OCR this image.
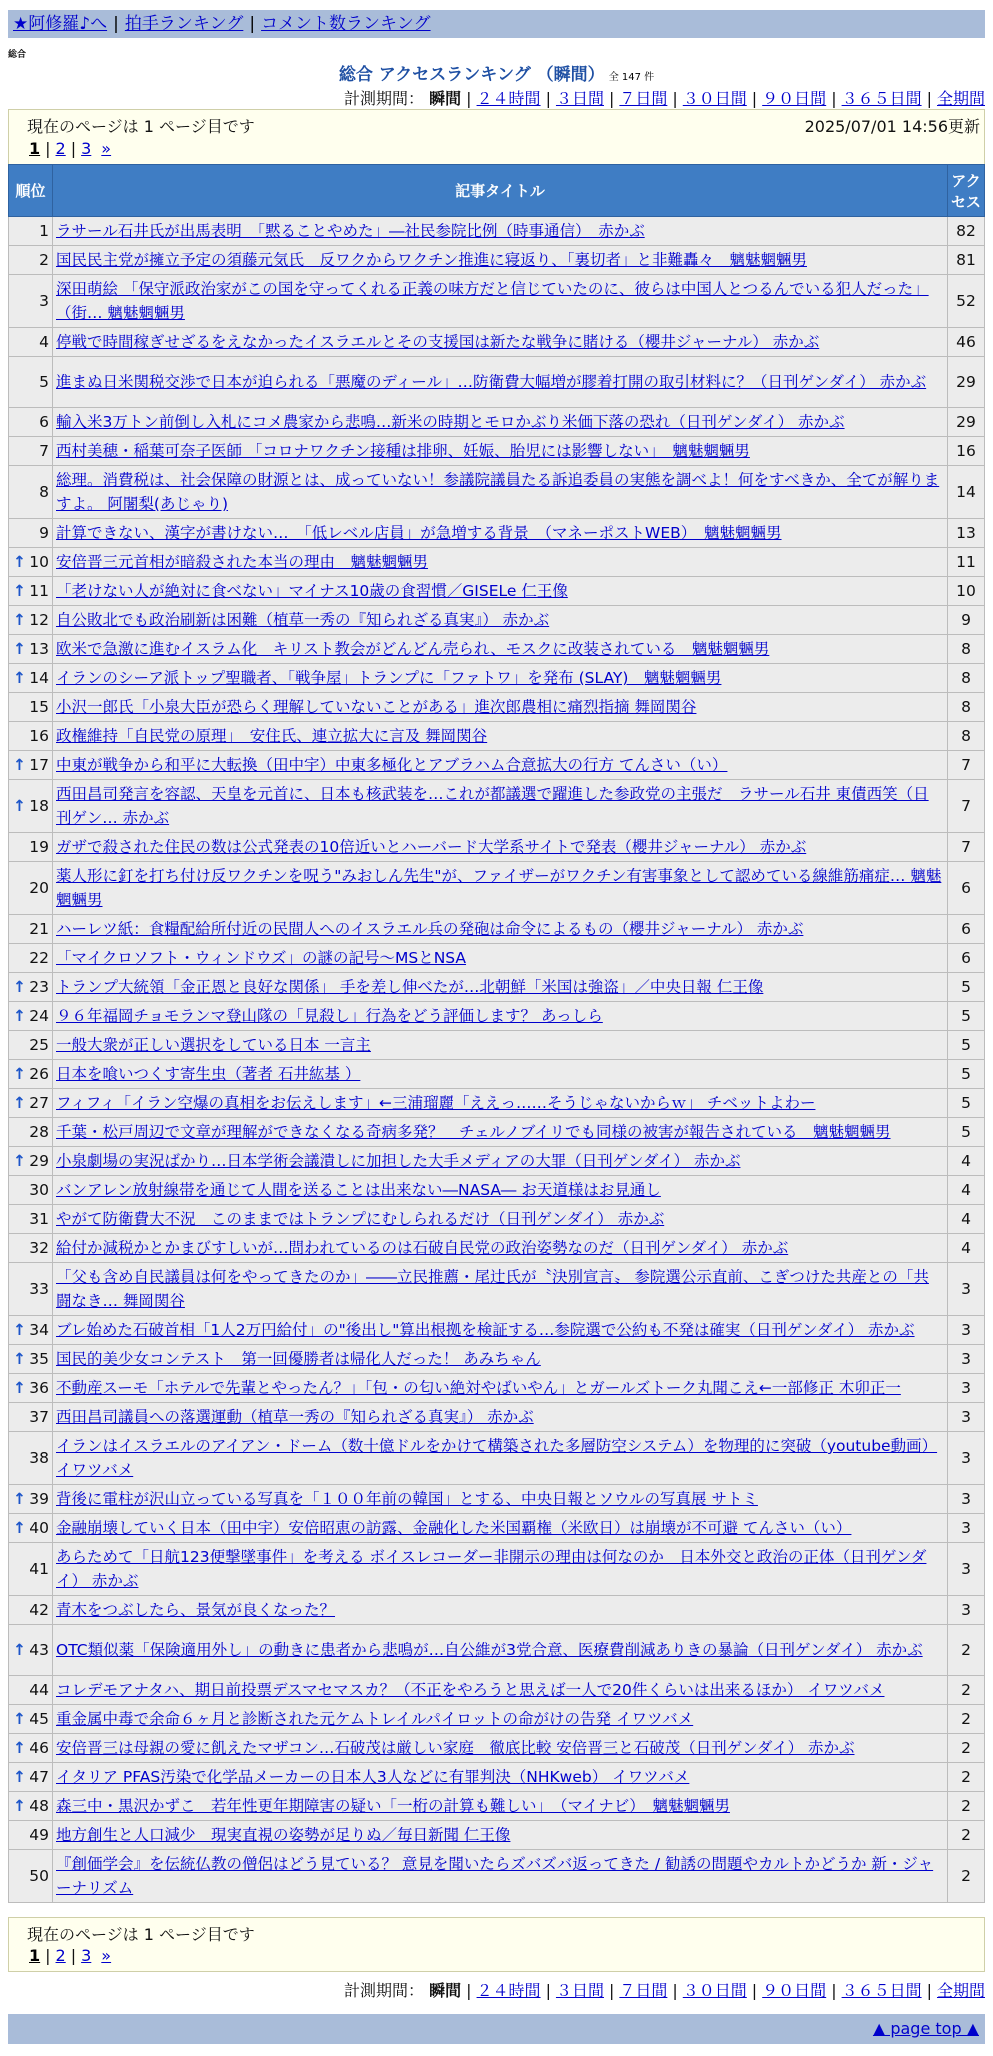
★阿修羅♪へ | 拍手ランキング | コメント数ランキング
総合
総合 アクセスランキング （瞬間） 全 147 件
計測期間： 瞬間 | ２４時間 | ３日間 | ７日間 | ３０日間 | ９０日間 | ３６５日間 | 全期間
現在のページは 1 ページ目です	2025/07/01 14:56更新
1 | 2 | 3 »
順位	記事タイトル	アクセス
1	ラサール石井氏が出馬表明　「黙ることやめた」―社民参院比例（時事通信）　赤かぶ	82
2	国民民主党が擁立予定の須藤元気氏　反ワクからワクチン推進に寝返り、「裏切者」と非難轟々　魑魅魍魎男	81
3	深田萌絵 「保守派政治家がこの国を守ってくれる正義の味方だと信じていたのに、彼らは中国人とつるんでいる犯人だった」（街… 魑魅魍魎男	52
4	停戦で時間稼ぎせざるをえなかったイスラエルとその支援国は新たな戦争に賭ける（櫻井ジャーナル） 赤かぶ	46
5	進まぬ日米関税交渉で日本が迫られる「悪魔のディール」…防衛費大幅増が膠着打開の取引材料に？（日刊ゲンダイ） 赤かぶ	29
6	輸入米3万トン前倒し入札にコメ農家から悲鳴…新米の時期とモロかぶり米価下落の恐れ（日刊ゲンダイ） 赤かぶ	29
7	西村美穂・稲葉可奈子医師 「コロナワクチン接種は排卵、妊娠、胎児には影響しない」　魑魅魍魎男	16
8	総理。消費税は、社会保障の財源とは、成っていない！参議院議員たる訴追委員の実態を調べよ！何をすべきか、全てが解りますよ。 阿闍梨(あじゃり)	14
9	計算できない、漢字が書けない…　「低レベル店員」が急増する背景　（マネーポストWEB）　魑魅魍魎男	13

↑ 10	安倍晋三元首相が暗殺された本当の理由　魑魅魍魎男	11

↑ 11	「老けない人が絶対に食べない」マイナス10歳の食習慣／GISELe 仁王像	10

↑ 12	自公敗北でも政治刷新は困難（植草一秀の『知られざる真実』） 赤かぶ	9

↑ 13	欧米で急激に進むイスラム化　キリスト教会がどんどん売られ、モスクに改装されている　魑魅魍魎男	8

↑ 14	イランのシーア派トップ聖職者、「戦争屋」トランプに「ファトワ」を発布 (SLAY)　魑魅魍魎男	8
15	小沢一郎氏「小泉大臣が恐らく理解していないことがある」進次郎農相に痛烈指摘 舞岡関谷	8
16	政権維持「自民党の原理」　安住氏、連立拡大に言及 舞岡関谷	8

↑ 17	中東が戦争から和平に大転換（田中宇）中東多極化とアブラハム合意拡大の行方 てんさい（い）	7

↑ 18	西田昌司発言を容認、天皇を元首に、日本も核武装を…これが都議選で躍進した参政党の主張だ　ラサール石井 東債西笑（日刊ゲン… 赤かぶ	7
19	ガザで殺された住民の数は公式発表の10倍近いとハーバード大学系サイトで発表（櫻井ジャーナル） 赤かぶ	7
20	薬人形に釘を打ち付け反ワクチンを呪う"みおしん先生"が、ファイザーがワクチン有害事象として認めている線維筋痛症… 魑魅魍魎男	6
21	ハーレツ紙：食糧配給所付近の民間人へのイスラエル兵の発砲は命令によるもの（櫻井ジャーナル） 赤かぶ	6
22	「マイクロソフト・ウィンドウズ」の謎の記号～MSとNSA	6

↑ 23	トランプ大統領「金正恩と良好な関係」 手を差し伸べたが…北朝鮮「米国は強盗」／中央日報 仁王像	5

↑ 24	９６年福岡チョモランマ登山隊の「見殺し」行為をどう評価します？ あっしら	5
25	一般大衆が正しい選択をしている日本 一言主	5

↑ 26	日本を喰いつくす寄生虫（著者 石井紘基 ）	5

↑ 27	フィフィ「イラン空爆の真相をお伝えします」←三浦瑠麗「ええっ……そうじゃないからｗ」 チベットよわー	5
28	千葉・松戸周辺で文章が理解ができなくなる奇病多発？　チェルノブイリでも同様の被害が報告されている　魑魅魍魎男	5

↑ 29	小泉劇場の実況ばかり…日本学術会議潰しに加担した大手メディアの大罪（日刊ゲンダイ） 赤かぶ	4
30	バンアレン放射線帯を通じて人間を送ることは出来ない―NASA― お天道様はお見通し	4
31	やがて防衛費大不況　このままではトランプにむしられるだけ（日刊ゲンダイ） 赤かぶ	4
32	給付か減税かとかまびすしいが…問われているのは石破自民党の政治姿勢なのだ（日刊ゲンダイ） 赤かぶ	4
33	「父も含め自民議員は何をやってきたのか」――立民推薦・尾辻氏が〝決別宣言〟 参院選公示直前、こぎつけた共産との「共闘なき… 舞岡関谷	3

↑ 34	ブレ始めた石破首相「1人2万円給付」の"後出し"算出根拠を検証する…参院選で公約も不発は確実（日刊ゲンダイ） 赤かぶ	3

↑ 35	国民的美少女コンテスト　第一回優勝者は帰化人だった！ あみちゃん	3

↑ 36	不動産スーモ「ホテルで先輩とやったん？」「包・の匂い絶対やばいやん」とガールズトーク丸聞こえ←一部修正 木卯正一	3
37	西田昌司議員への落選運動（植草一秀の『知られざる真実』） 赤かぶ	3
38	イランはイスラエルのアイアン・ドーム（数十億ドルをかけて構築された多層防空システム）を物理的に突破（youtube動画） イワツバメ	3

↑ 39	背後に電柱が沢山立っている写真を「１００年前の韓国」とする、中央日報とソウルの写真展 サトミ	3

↑ 40	金融崩壊していく日本（田中宇）安倍昭恵の訪露、金融化した米国覇権（米欧日）は崩壊が不可避 てんさい（い）	3
41	あらためて「日航123便撃墜事件」を考える ボイスレコーダー非開示の理由は何なのか　日本外交と政治の正体（日刊ゲンダイ） 赤かぶ	3
42	青木をつぶしたら、景気が良くなった？	3

↑ 43	OTC類似薬「保険適用外し」の動きに患者から悲鳴が…自公維が3党合意、医療費削減ありきの暴論（日刊ゲンダイ） 赤かぶ	2
44	コレデモアナタハ、期日前投票デスマセマスカ？（不正をやろうと思えば一人で20件くらいは出来るほか） イワツバメ	2

↑ 45	重金属中毒で余命６ヶ月と診断された元ケムトレイルパイロットの命がけの告発 イワツバメ	2

↑ 46	安倍晋三は母親の愛に飢えたマザコン…石破茂は厳しい家庭　徹底比較 安倍晋三と石破茂（日刊ゲンダイ） 赤かぶ	2

↑ 47	イタリア PFAS汚染で化学品メーカーの日本人3人などに有罪判決（NHKweb） イワツバメ	2

↑ 48	森三中・黒沢かずこ　若年性更年期障害の疑い「一桁の計算も難しい」　（マイナビ）　魑魅魍魎男	2
49	地方創生と人口減少　現実直視の姿勢が足りぬ／毎日新聞 仁王像	2
50	『創価学会』を伝統仏教の僧侶はどう見ている？ 意見を聞いたらズバズバ返ってきた / 勧誘の問題やカルトかどうか 新・ジャーナリズム	2
現在のページは 1 ページ目です
1 | 2 | 3 »
計測期間： 瞬間 | ２４時間 | ３日間 | ７日間 | ３０日間 | ９０日間 | ３６５日間 | 全期間
▲ page top ▲
